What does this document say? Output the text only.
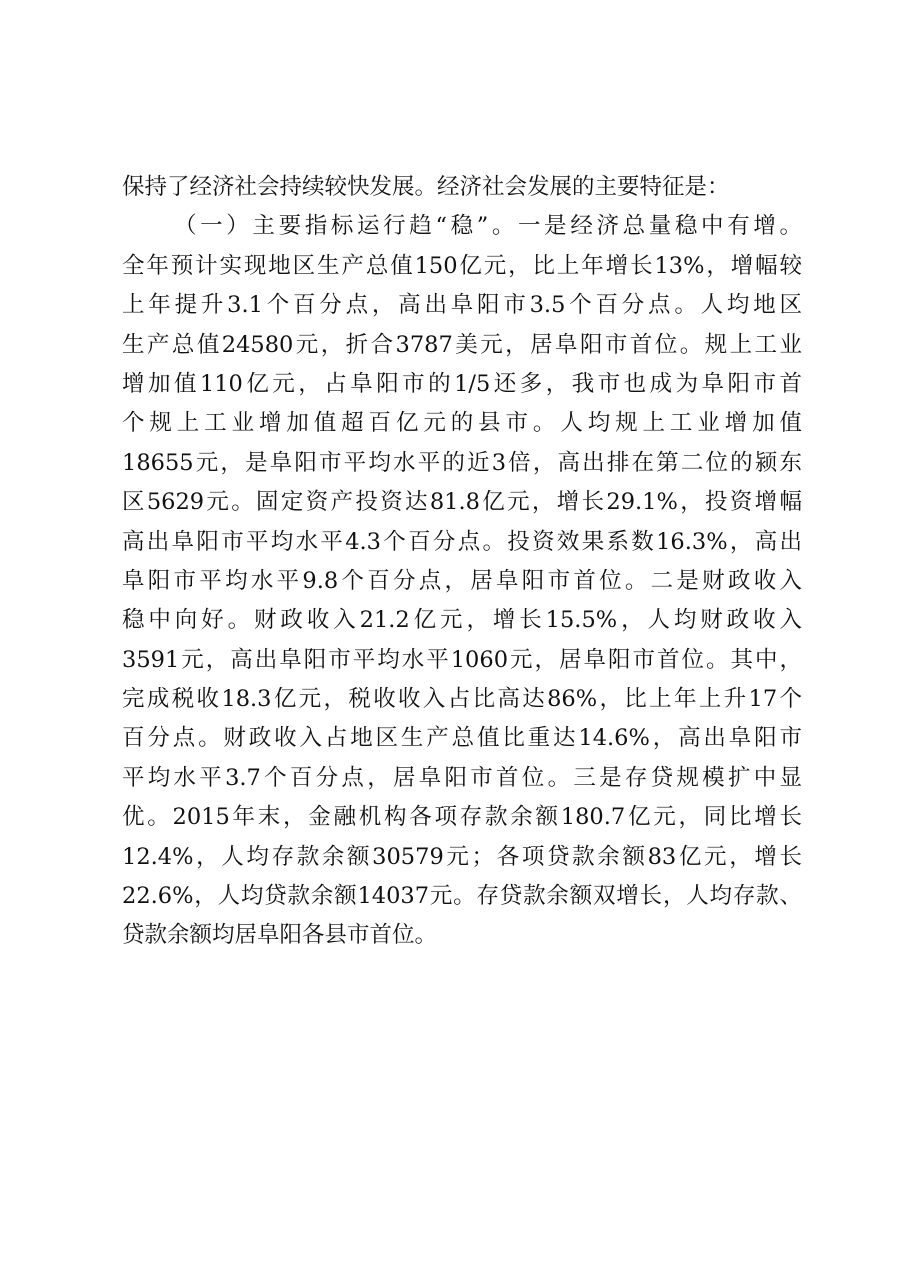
保持了经济社会持续较快发展。经济社会发展的主要特征是：
（一）主要指标运行趋“稳”。一是经济总量稳中有增。
全年预计实现地区生产总值150亿元，比上年增长13%，增幅较
上年提升3.1个百分点，高出阜阳市3.5个百分点。人均地区
生产总值24580元，折合3787美元，居阜阳市首位。规上工业
增加值110亿元，占阜阳市的1/5还多，我市也成为阜阳市首
个规上工业增加值超百亿元的县市。人均规上工业增加值
18655元，是阜阳市平均水平的近3倍，高出排在第二位的颍东
区5629元。固定资产投资达81.8亿元，增长29.1%，投资增幅
高出阜阳市平均水平4.3个百分点。投资效果系数16.3%，高出
阜阳市平均水平9.8个百分点，居阜阳市首位。二是财政收入
稳中向好。财政收入21.2亿元，增长15.5%，人均财政收入
3591元，高出阜阳市平均水平1060元，居阜阳市首位。其中，
完成税收18.3亿元，税收收入占比高达86%，比上年上升17个
百分点。财政收入占地区生产总值比重达14.6%，高出阜阳市
平均水平3.7个百分点，居阜阳市首位。三是存贷规模扩中显
优。2015年末，金融机构各项存款余额180.7亿元，同比增长
12.4%，人均存款余额30579元；各项贷款余额83亿元，增长
22.6%，人均贷款余额14037元。存贷款余额双增长，人均存款、
贷款余额均居阜阳各县市首位。
